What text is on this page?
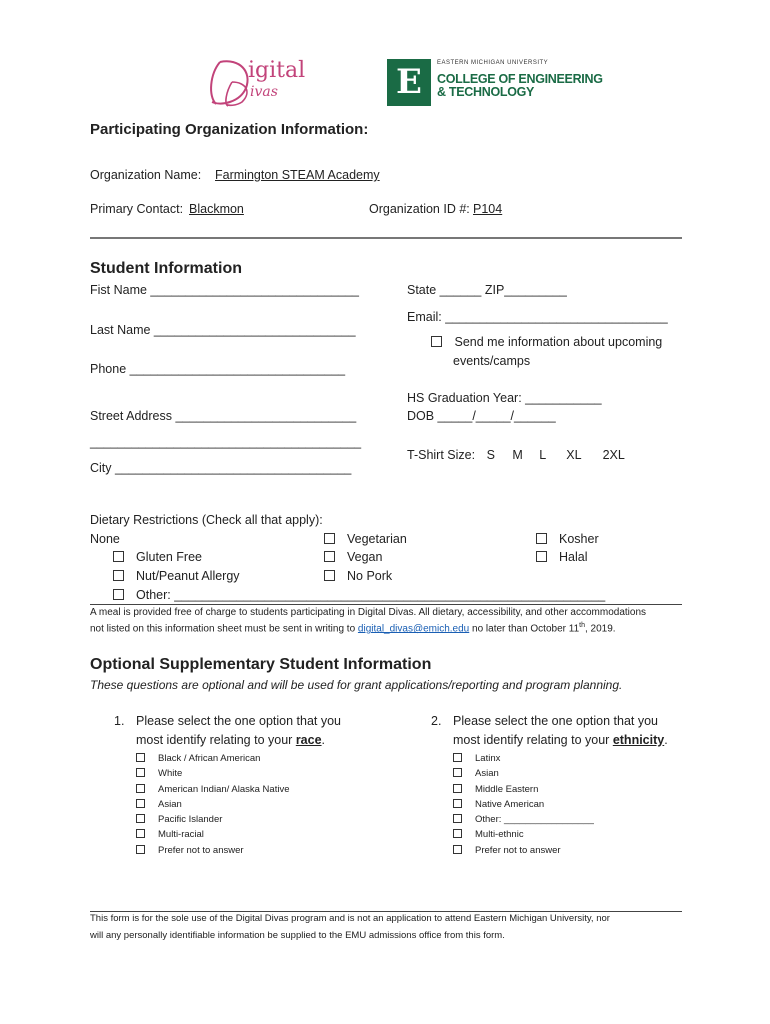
igital
ivas	E	EASTERN MICHIGAN UNIVERSITY
COLLEGE OF ENGINEERING
& TECHNOLOGY
Participating Organization Information:
Organization Name: Farmington STEAM Academy
Primary Contact: Blackmon	Organization ID #: P104
Student Information
Fist Name ______________________________
Last Name _____________________________
Phone _______________________________
Street Address __________________________
_______________________________________
City __________________________________
State ______ ZIP_________
Email: ________________________________
Send me information about upcoming
events/camps
HS Graduation Year: ___________
DOB _____/_____/______
T-Shirt Size: S M L XL 2XL
Dietary Restrictions (Check all that apply):
None
Gluten Free
Nut/Peanut Allergy
Other: ______________________________________________________________
Vegetarian
Vegan
No Pork
Kosher
Halal
A meal is provided free of charge to students participating in Digital Divas. All dietary, accessibility, and other accommodations
not listed on this information sheet must be sent in writing to digital_divas@emich.edu no later than October 11th, 2019.
Optional Supplementary Student Information
These questions are optional and will be used for grant applications/reporting and program planning.
1. Please select the one option that you
most identify relating to your race.
Black / African American
White
American Indian/ Alaska Native
Asian
Pacific Islander
Multi-racial
Prefer not to answer
2. Please select the one option that you
most identify relating to your ethnicity.
Latinx
Asian
Middle Eastern
Native American
Other: _________________
Multi-ethnic
Prefer not to answer
This form is for the sole use of the Digital Divas program and is not an application to attend Eastern Michigan University, nor
will any personally identifiable information be supplied to the EMU admissions office from this form.
